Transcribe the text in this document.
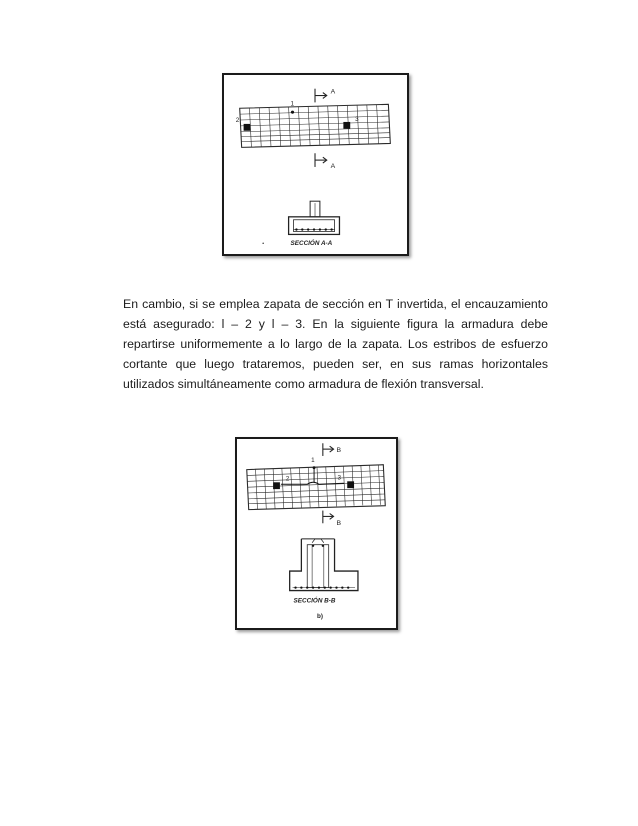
A
1
2	3
A
SECCIÓN A-A

En cambio, si se emplea zapata de sección en T invertida, el encauzamiento está asegurado: l – 2 y l – 3. En la siguiente figura la armadura debe repartirse uniformemente a lo largo de la zapata. Los estribos de esfuerzo cortante que luego trataremos, pueden ser, en sus ramas horizontales utilizados simultáneamente como armadura de flexión transversal.

B
1
2	3
B
SECCIÓN B-B
b)
